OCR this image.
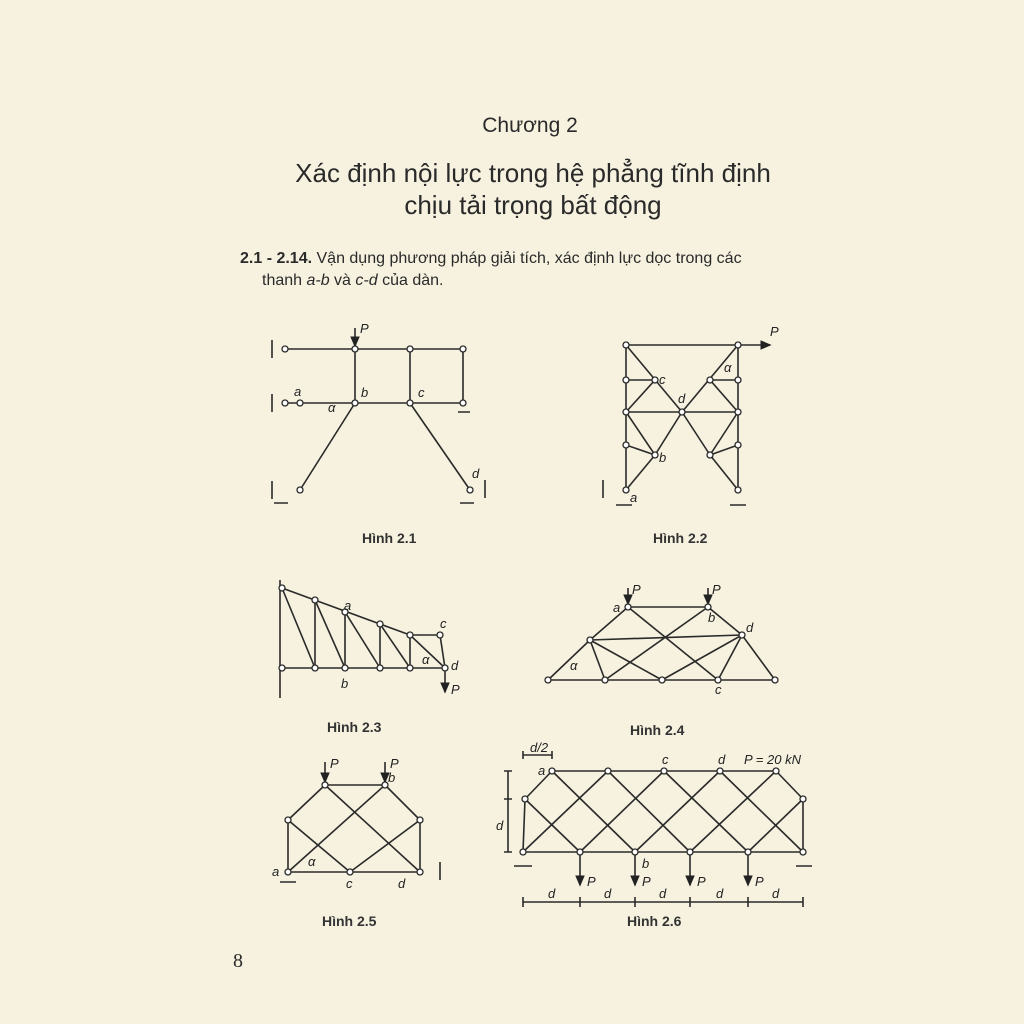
Chương 2
Xác định nội lực trong hệ phẳng tĩnh định
chịu tải trọng bất động
2.1 - 2.14. Vận dụng phương pháp giải tích, xác định lực dọc trong các
thanh a-b và c-d của dàn.
P
a	b	c
d
α
P
a
b
c
d
α
a
b
c
d
P
α
P	P
a
b
c
d
α
P	P
a
b
c	d
α
d/2
a
c	d P = 20 kN
b
P	P	P	P
d	d	d	d	d
d
Hình 2.1	Hình 2.2
Hình 2.3	Hình 2.4
Hình 2.5	Hình 2.6
8
